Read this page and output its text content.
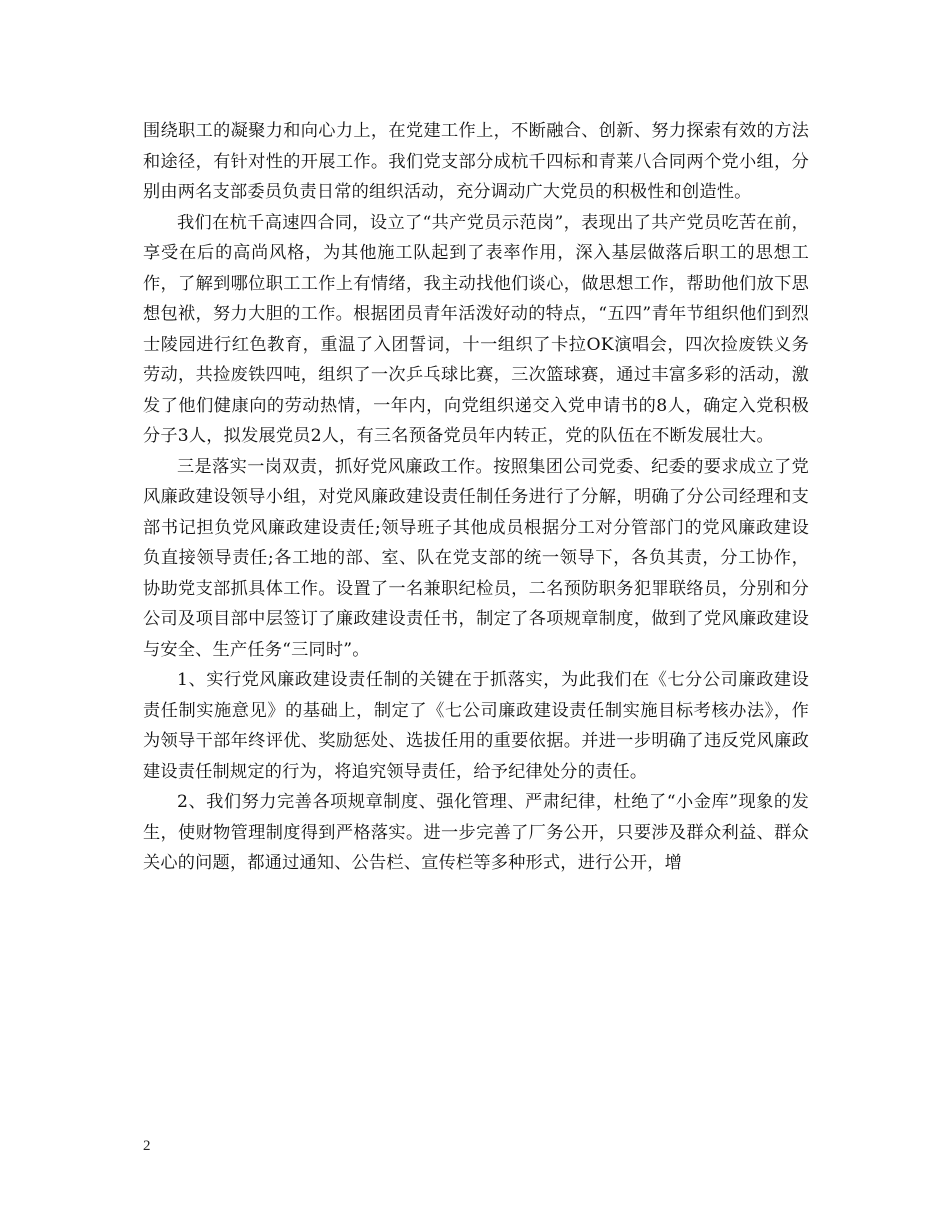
围绕职工的凝聚力和向心力上，在党建工作上，不断融合、创新、努力探索有效的方法和途径，有针对性的开展工作。我们党支部分成杭千四标和青莱八合同两个党小组，分别由两名支部委员负责日常的组织活动，充分调动广大党员的积极性和创造性。

我们在杭千高速四合同，设立了“共产党员示范岗”，表现出了共产党员吃苦在前，享受在后的高尚风格，为其他施工队起到了表率作用，深入基层做落后职工的思想工作，了解到哪位职工工作上有情绪，我主动找他们谈心，做思想工作，帮助他们放下思想包袱，努力大胆的工作。根据团员青年活泼好动的特点，“五四”青年节组织他们到烈士陵园进行红色教育，重温了入团誓词，十一组织了卡拉OK演唱会，四次捡废铁义务劳动，共捡废铁四吨，组织了一次乒乓球比赛，三次篮球赛，通过丰富多彩的活动，激发了他们健康向的劳动热情，一年内，向党组织递交入党申请书的8人，确定入党积极分子3人，拟发展党员2人，有三名预备党员年内转正，党的队伍在不断发展壮大。

三是落实一岗双责，抓好党风廉政工作。按照集团公司党委、纪委的要求成立了党风廉政建设领导小组，对党风廉政建设责任制任务进行了分解，明确了分公司经理和支部书记担负党风廉政建设责任;领导班子其他成员根据分工对分管部门的党风廉政建设负直接领导责任;各工地的部、室、队在党支部的统一领导下，各负其责，分工协作，协助党支部抓具体工作。设置了一名兼职纪检员，二名预防职务犯罪联络员，分别和分公司及项目部中层签订了廉政建设责任书，制定了各项规章制度，做到了党风廉政建设与安全、生产任务“三同时”。

1、实行党风廉政建设责任制的关键在于抓落实，为此我们在《七分公司廉政建设责任制实施意见》的基础上，制定了《七公司廉政建设责任制实施目标考核办法》，作为领导干部年终评优、奖励惩处、选拔任用的重要依据。并进一步明确了违反党风廉政建设责任制规定的行为，将追究领导责任，给予纪律处分的责任。

2、我们努力完善各项规章制度、强化管理、严肃纪律，杜绝了“小金库”现象的发生，使财物管理制度得到严格落实。进一步完善了厂务公开，只要涉及群众利益、群众关心的问题，都通过通知、公告栏、宣传栏等多种形式，进行公开，增

2
